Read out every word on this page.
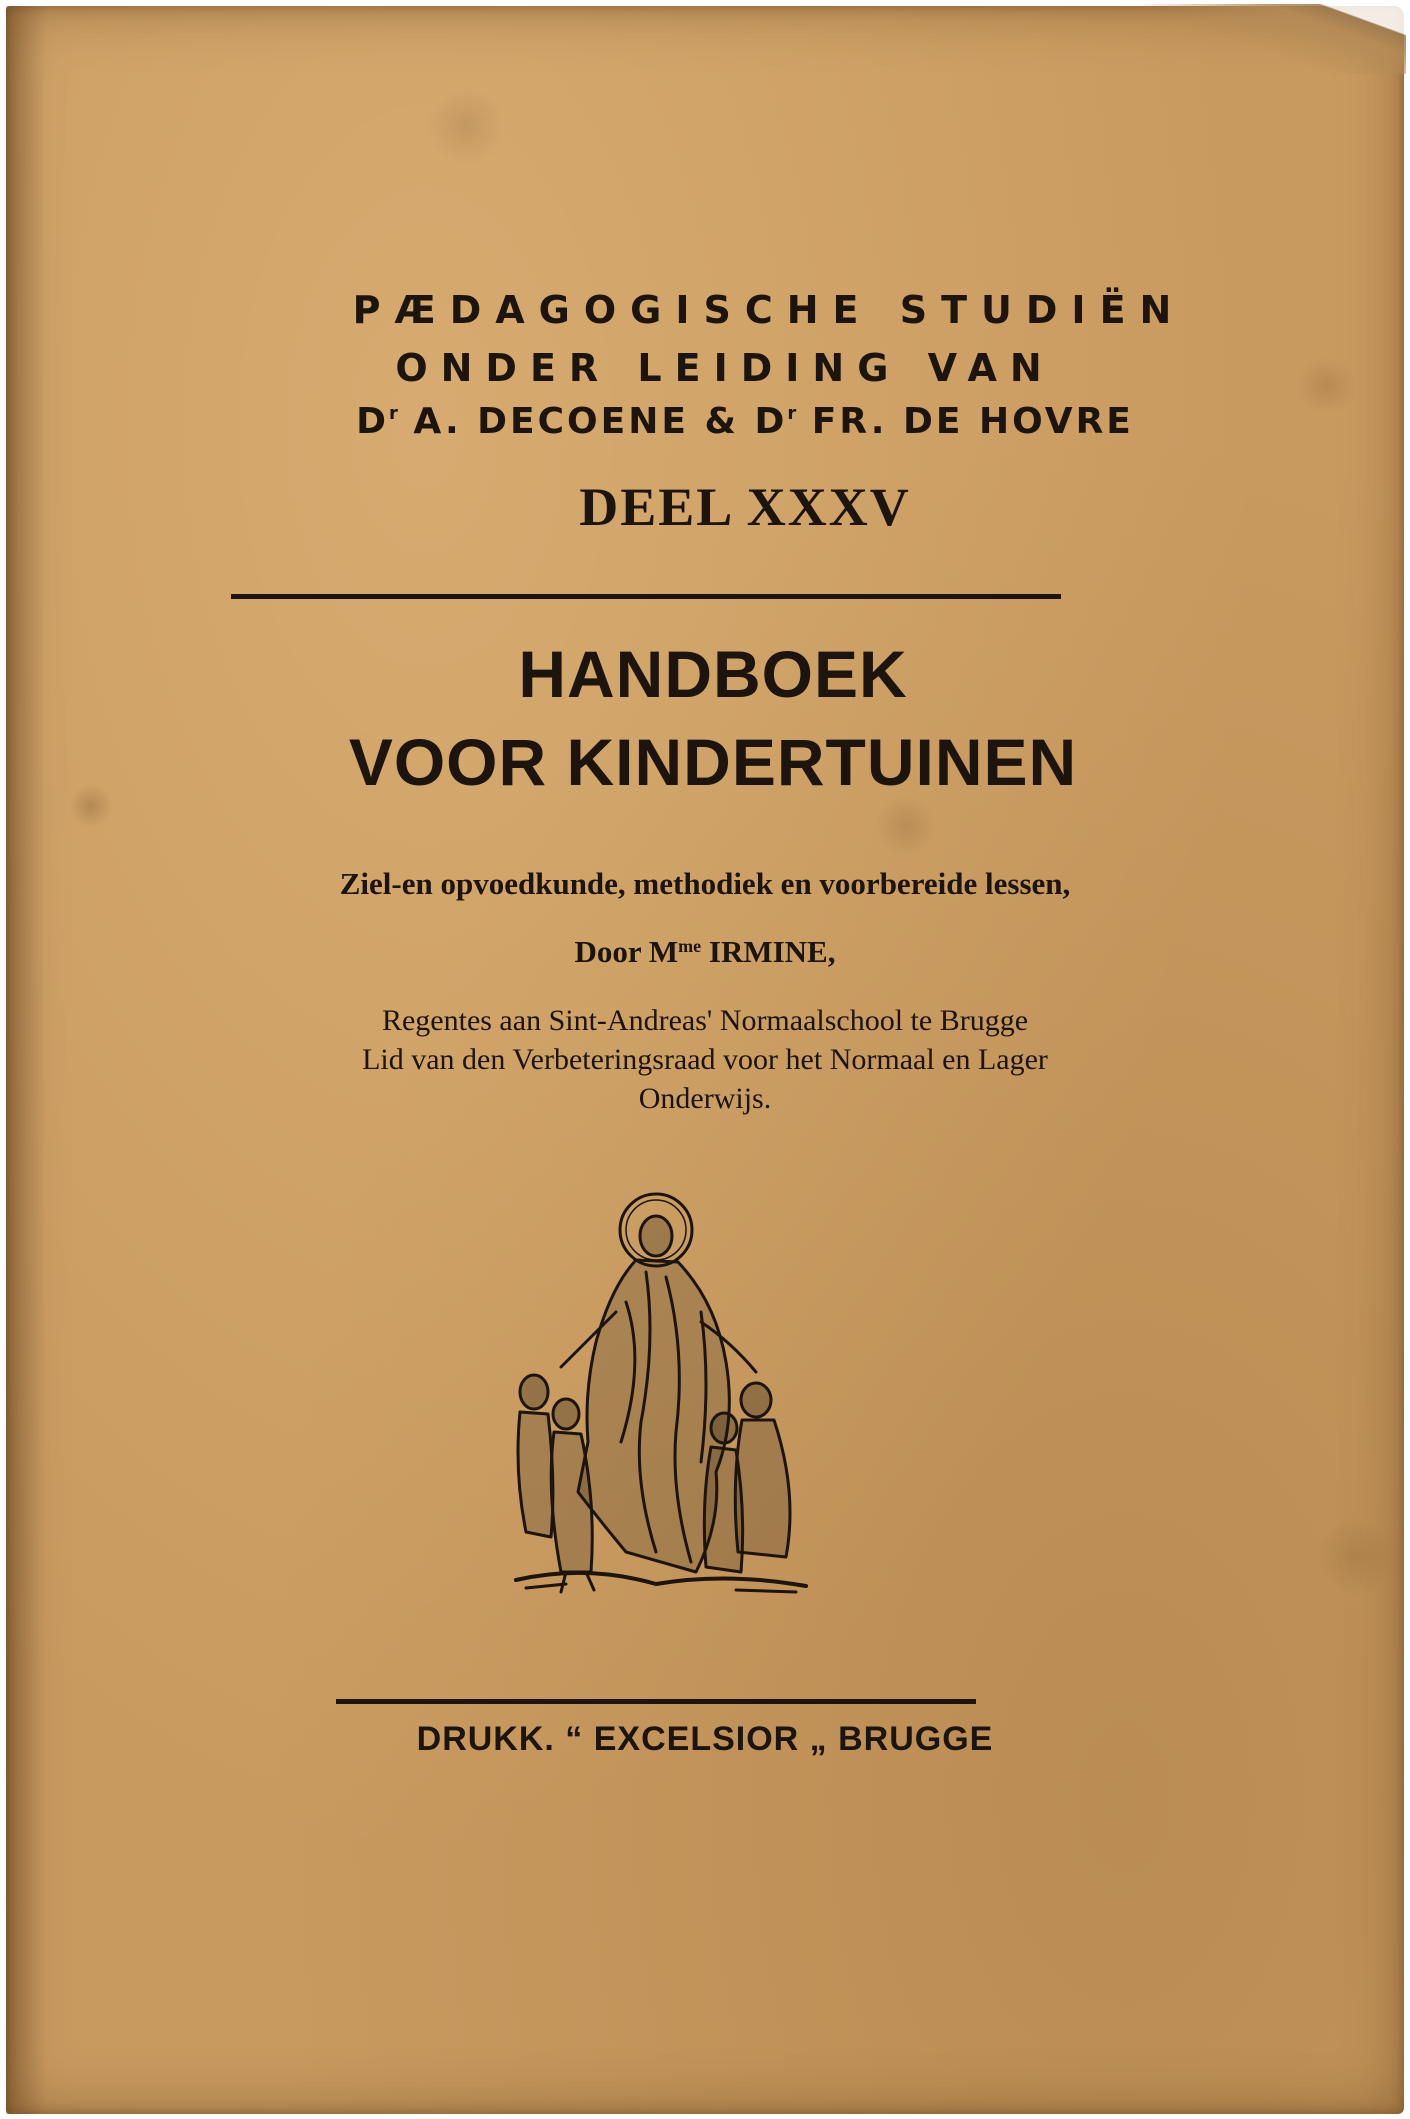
PÆDAGOGISCHE STUDIËN
ONDER LEIDING VAN
$D^r$ A. DECOENE & $D^r$ FR. DE HOVRE
DEEL XXXV
HANDBOEK
VOOR KINDERTUINEN
Ziel-en opvoedkunde, methodiek en voorbereide lessen,
Door $M^{me}$ IRMINE,
Regentes aan Sint-Andreas' Normaalschool te Brugge
Lid van den Verbeteringsraad voor het Normaal en Lager
Onderwijs.
DRUKK. “ EXCELSIOR „ BRUGGE
